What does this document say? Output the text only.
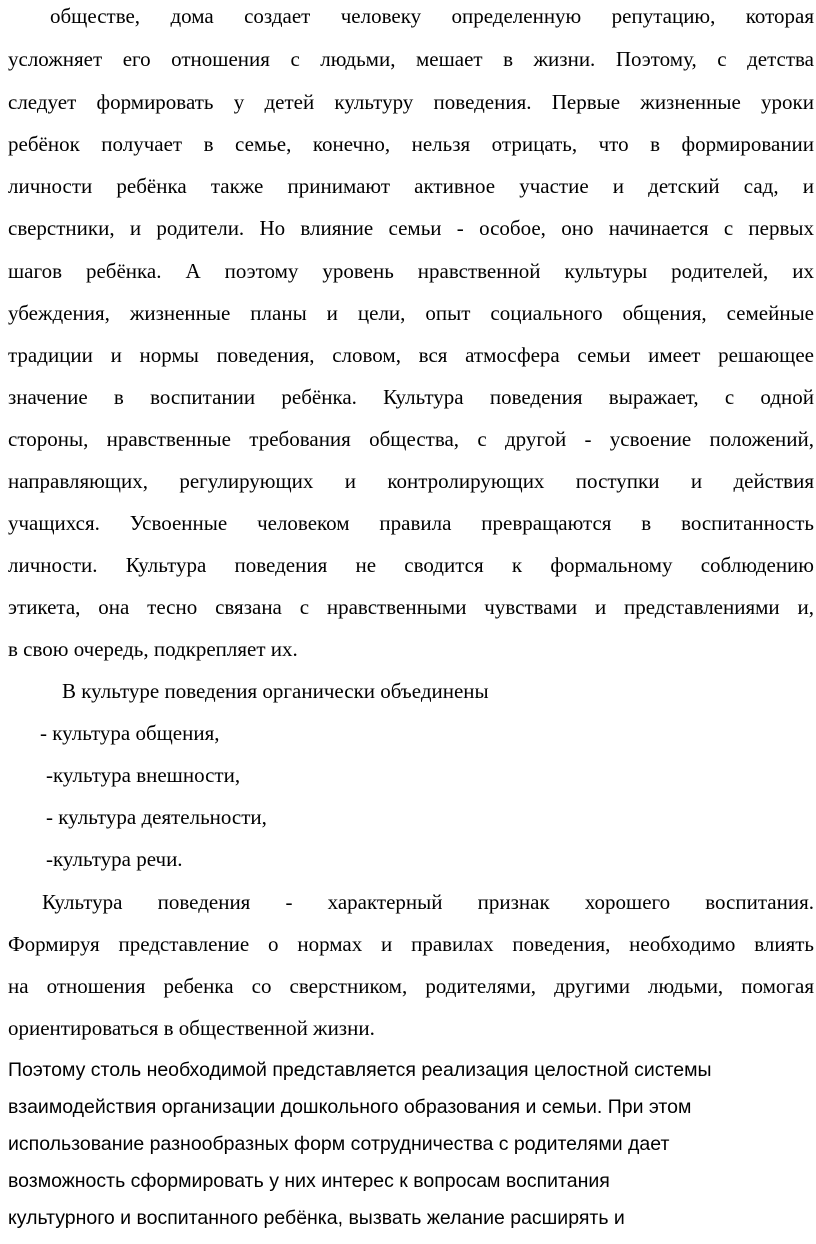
обществе, дома создает человеку определенную репутацию, которая
усложняет его отношения с людьми, мешает в жизни. Поэтому, с детства
следует формировать у детей культуру поведения. Первые жизненные уроки
ребёнок получает в семье, конечно, нельзя отрицать, что в формировании
личности ребёнка также принимают активное участие и детский сад, и
сверстники, и родители. Но влияние семьи - особое, оно начинается с первых
шагов ребёнка. А поэтому уровень нравственной культуры родителей, их
убеждения, жизненные планы и цели, опыт социального общения, семейные
традиции и нормы поведения, словом, вся атмосфера семьи имеет решающее
значение в воспитании ребёнка. Культура поведения выражает, с одной
стороны, нравственные требования общества, с другой - усвоение положений,
направляющих, регулирующих и контролирующих поступки и действия
учащихся. Усвоенные человеком правила превращаются в воспитанность
личности. Культура поведения не сводится к формальному соблюдению
этикета, она тесно связана с нравственными чувствами и представлениями и,
в свою очередь, подкрепляет их.
В культуре поведения органически объединены
- культура общения,
-культура внешности,
- культура деятельности,
-культура речи.
Культура поведения - характерный признак хорошего воспитания.
Формируя представление о нормах и правилах поведения, необходимо влиять
на отношения ребенка со сверстником, родителями, другими людьми, помогая
ориентироваться в общественной жизни.
Поэтому столь необходимой представляется реализация целостной системы
взаимодействия организации дошкольного образования и семьи. При этом
использование разнообразных форм сотрудничества с родителями дает
возможность сформировать у них интерес к вопросам воспитания
культурного и воспитанного ребёнка, вызвать желание расширять и
